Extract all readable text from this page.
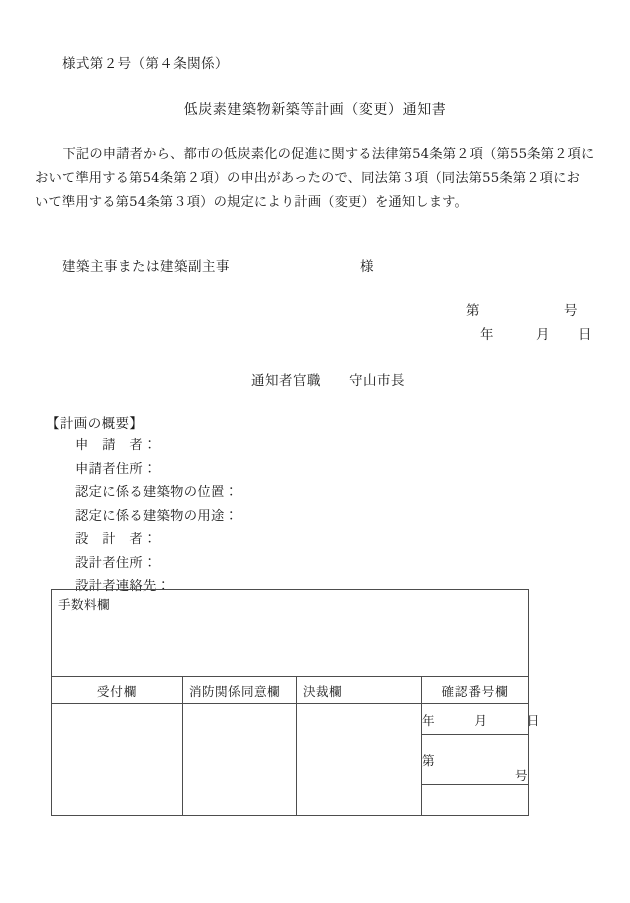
様式第２号（第４条関係）
低炭素建築物新築等計画（変更）通知書
　下記の申請者から、都市の低炭素化の促進に関する法律第54条第２項（第55条第２項に
おいて準用する第54条第２項）の申出があったので、同法第３項（同法第55条第２項にお
いて準用する第54条第３項）の規定により計画（変更）を通知します。
建築主事または建築副主事	様
第　　　　　　号
　年　　　月　　日
通知者官職　　守山市長
【計画の概要】
申　請　者：
申請者住所：
認定に係る建築物の位置：
認定に係る建築物の用途：
設　計　者：
設計者住所：
設計者連絡先：
手数料欄
受付欄	消防関係同意欄	決裁欄	確認番号欄

年　　　月　　　日

第
号
